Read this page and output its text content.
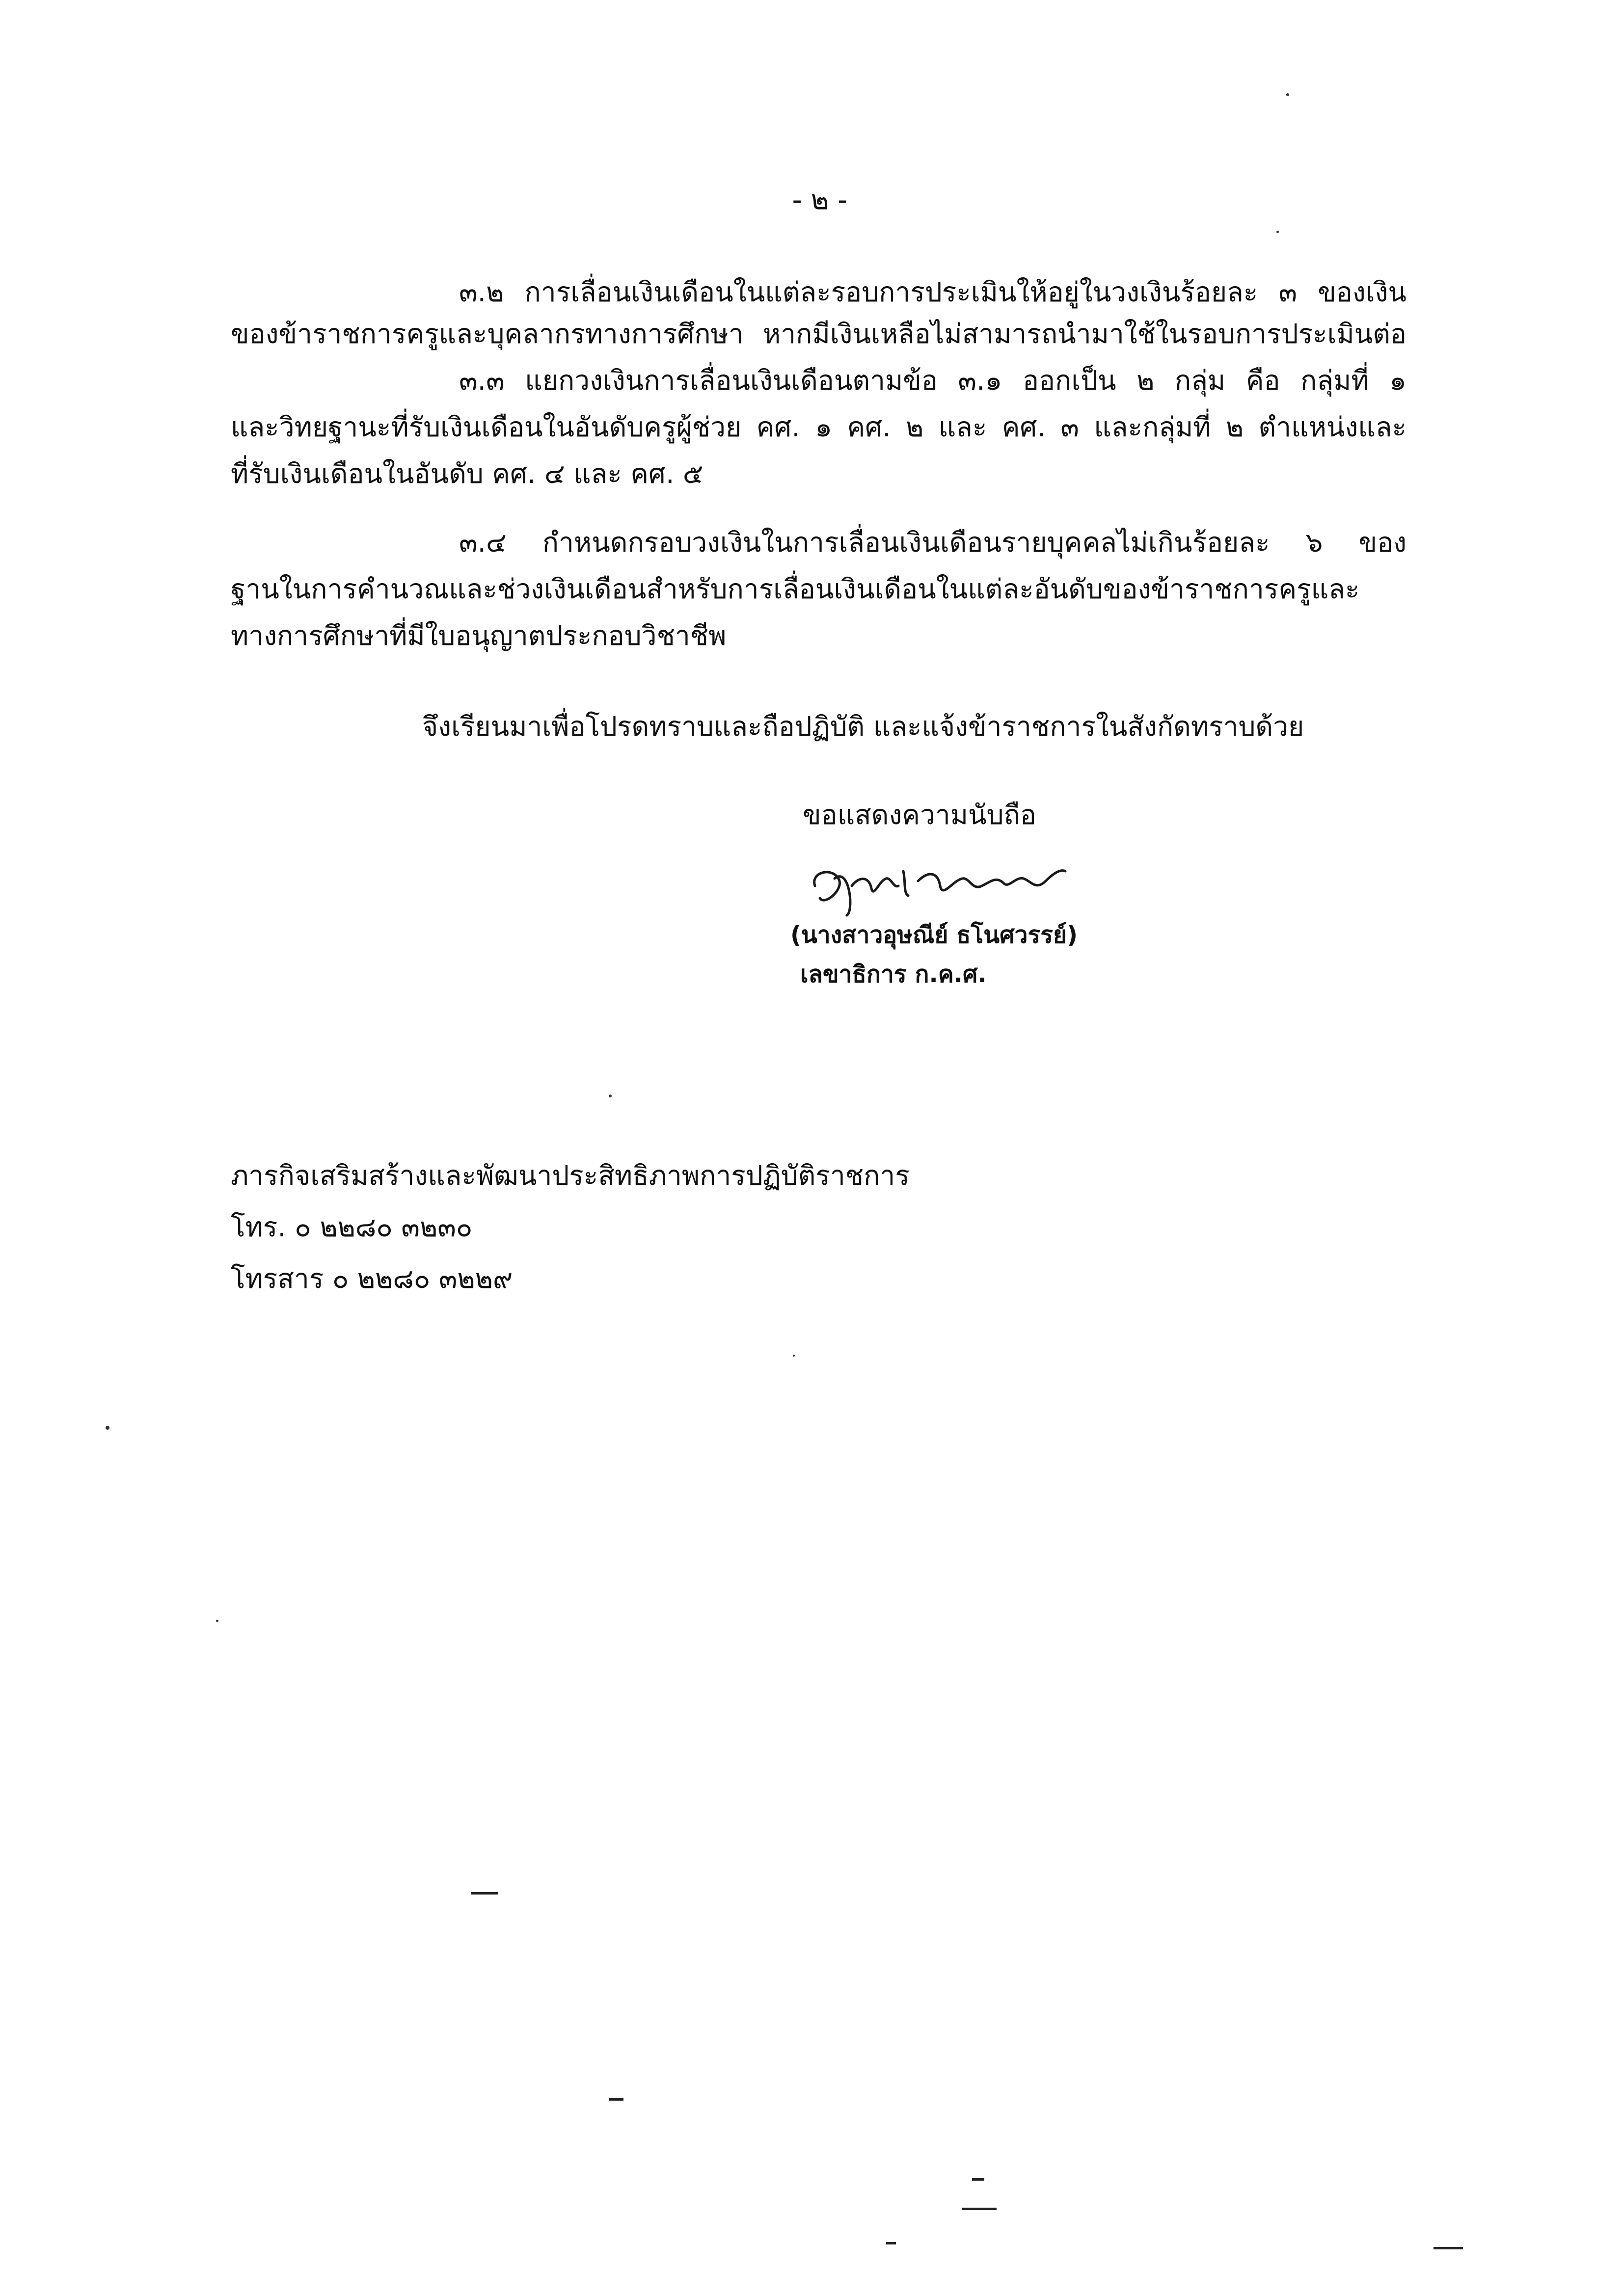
- ๒ -
๓.๒ การเลื่อนเงินเดือนในแต่ละรอบการประเมินให้อยู่ในวงเงินร้อยละ ๓ ของเงิน
ของข้าราชการครูและบุคลากรทางการศึกษา หากมีเงินเหลือไม่สามารถนำมาใช้ในรอบการประเมินต่อ
๓.๓ แยกวงเงินการเลื่อนเงินเดือนตามข้อ ๓.๑ ออกเป็น ๒ กลุ่ม คือ กลุ่มที่ ๑
และวิทยฐานะที่รับเงินเดือนในอันดับครูผู้ช่วย คศ. ๑ คศ. ๒ และ คศ. ๓ และกลุ่มที่ ๒ ตำแหน่งและ
ที่รับเงินเดือนในอันดับ คศ. ๔ และ คศ. ๕
๓.๔ กำหนดกรอบวงเงินในการเลื่อนเงินเดือนรายบุคคลไม่เกินร้อยละ ๖ ของ
ฐานในการคำนวณและช่วงเงินเดือนสำหรับการเลื่อนเงินเดือนในแต่ละอันดับของข้าราชการครูและ
ทางการศึกษาที่มีใบอนุญาตประกอบวิชาชีพ
จึงเรียนมาเพื่อโปรดทราบและถือปฏิบัติ และแจ้งข้าราชการในสังกัดทราบด้วย
ขอแสดงความนับถือ
(นางสาวอุษณีย์ ธโนศวรรย์)
เลขาธิการ ก.ค.ศ.
ภารกิจเสริมสร้างและพัฒนาประสิทธิภาพการปฏิบัติราชการ
โทร. ๐ ๒๒๘๐ ๓๒๓๐
โทรสาร ๐ ๒๒๘๐ ๓๒๒๙
